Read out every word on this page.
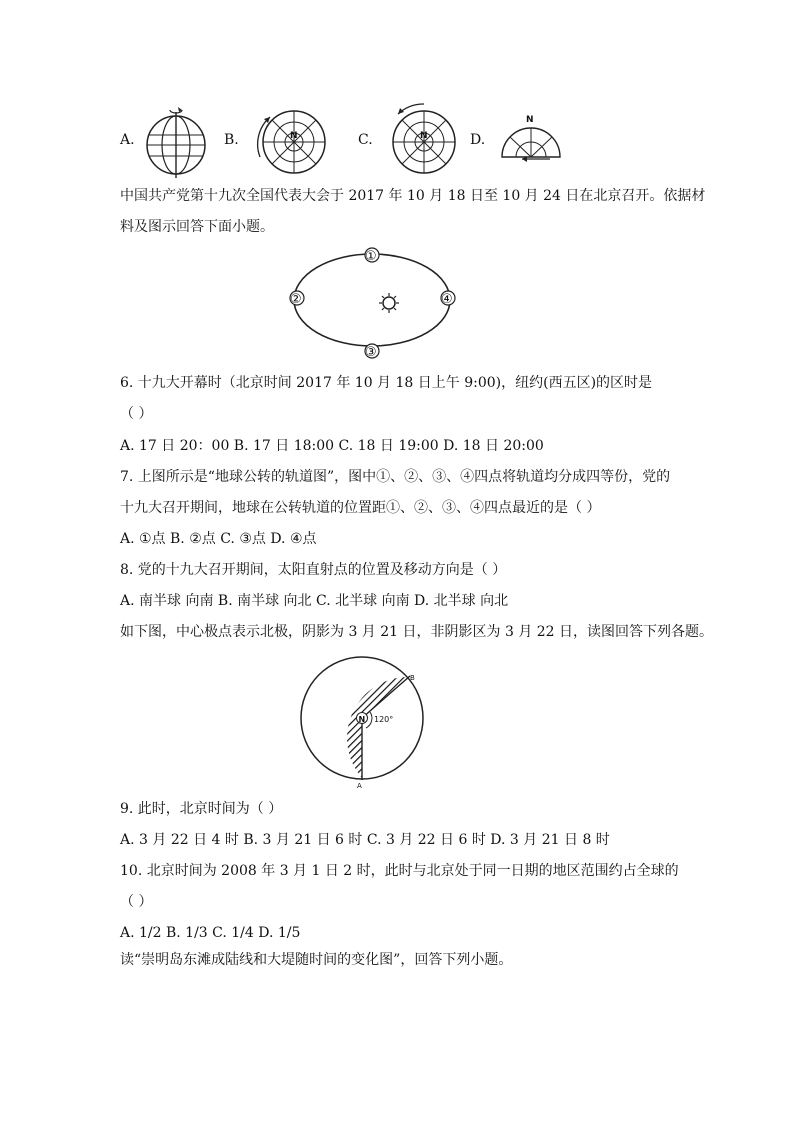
A.	B.	N	C.	N	D.
N
中国共产党第十九次全国代表大会于 2017 年 10 月 18 日至 10 月 24 日在北京召开。依据材
料及图示回答下面小题。
①
②
③
④
6. 十九大开幕时（北京时间 2017 年 10 月 18 日上午 9:00)，纽约(西五区)的区时是
（ ）
A. 17 日 20：00 B. 17 日 18:00 C. 18 日 19:00 D. 18 日 20:00
7. 上图所示是“地球公转的轨道图”，图中①、②、③、④四点将轨道均分成四等份，党的
十九大召开期间，地球在公转轨道的位置距①、②、③、④四点最近的是（ ）
A. ①点 B. ②点 C. ③点 D. ④点
8. 党的十九大召开期间，太阳直射点的位置及移动方向是（ ）
A. 南半球 向南 B. 南半球 向北 C. 北半球 向南 D. 北半球 向北
如下图，中心极点表示北极，阴影为 3 月 21 日，非阴影区为 3 月 22 日，读图回答下列各题。
N 120°
B
A
9. 此时，北京时间为（ ）
A. 3 月 22 日 4 时 B. 3 月 21 日 6 时 C. 3 月 22 日 6 时 D. 3 月 21 日 8 时
10. 北京时间为 2008 年 3 月 1 日 2 时，此时与北京处于同一日期的地区范围约占全球的
（ ）
A. 1/2 B. 1/3 C. 1/4 D. 1/5
读“崇明岛东滩成陆线和大堤随时间的变化图”，回答下列小题。
